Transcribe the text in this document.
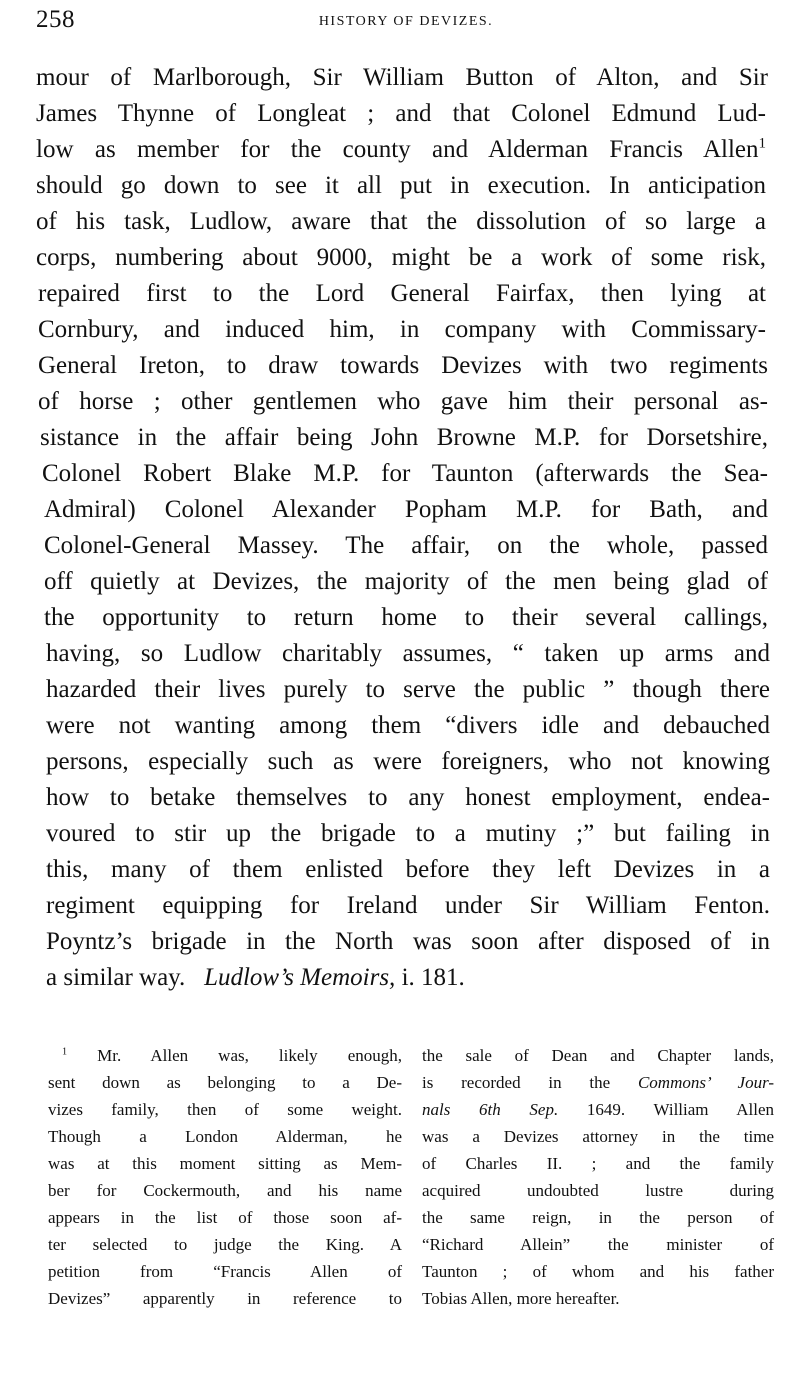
258	HISTORY OF DEVIZES.
mour of Marlborough, Sir William Button of Alton, and Sir
James Thynne of Longleat ; and that Colonel Edmund Lud-
low as member for the county and Alderman Francis Allen$^1$
should go down to see it all put in execution. In anticipation
of his task, Ludlow, aware that the dissolution of so large a
corps, numbering about 9000, might be a work of some risk,
repaired first to the Lord General Fairfax, then lying at
Cornbury, and induced him, in company with Commissary-
General Ireton, to draw towards Devizes with two regiments
of horse ; other gentlemen who gave him their personal as-
sistance in the affair being John Browne M.P. for Dorsetshire,
Colonel Robert Blake M.P. for Taunton (afterwards the Sea-
Admiral) Colonel Alexander Popham M.P. for Bath, and
Colonel-General Massey. The affair, on the whole, passed
off quietly at Devizes, the majority of the men being glad of
the opportunity to return home to their several callings,
having, so Ludlow charitably assumes, “ taken up arms and
hazarded their lives purely to serve the public ” though there
were not wanting among them “divers idle and debauched
persons, especially such as were foreigners, who not knowing
how to betake themselves to any honest employment, endea-
voured to stir up the brigade to a mutiny ;” but failing in
this, many of them enlisted before they left Devizes in a
regiment equipping for Ireland under Sir William Fenton.
Poyntz’s brigade in the North was soon after disposed of in
a similar way. Ludlow’s Memoirs, i. 181.
$^1$ Mr. Allen was, likely enough,
sent down as belonging to a De-
vizes family, then of some weight.
Though a London Alderman, he
was at this moment sitting as Mem-
ber for Cockermouth, and his name
appears in the list of those soon af-
ter selected to judge the King. A
petition from “Francis Allen of
Devizes” apparently in reference to
the sale of Dean and Chapter lands,
is recorded in the Commons’ Jour-
nals 6th Sep. 1649. William Allen
was a Devizes attorney in the time
of Charles II. ; and the family
acquired undoubted lustre during
the same reign, in the person of
“Richard Allein” the minister of
Taunton ; of whom and his father
Tobias Allen, more hereafter.
